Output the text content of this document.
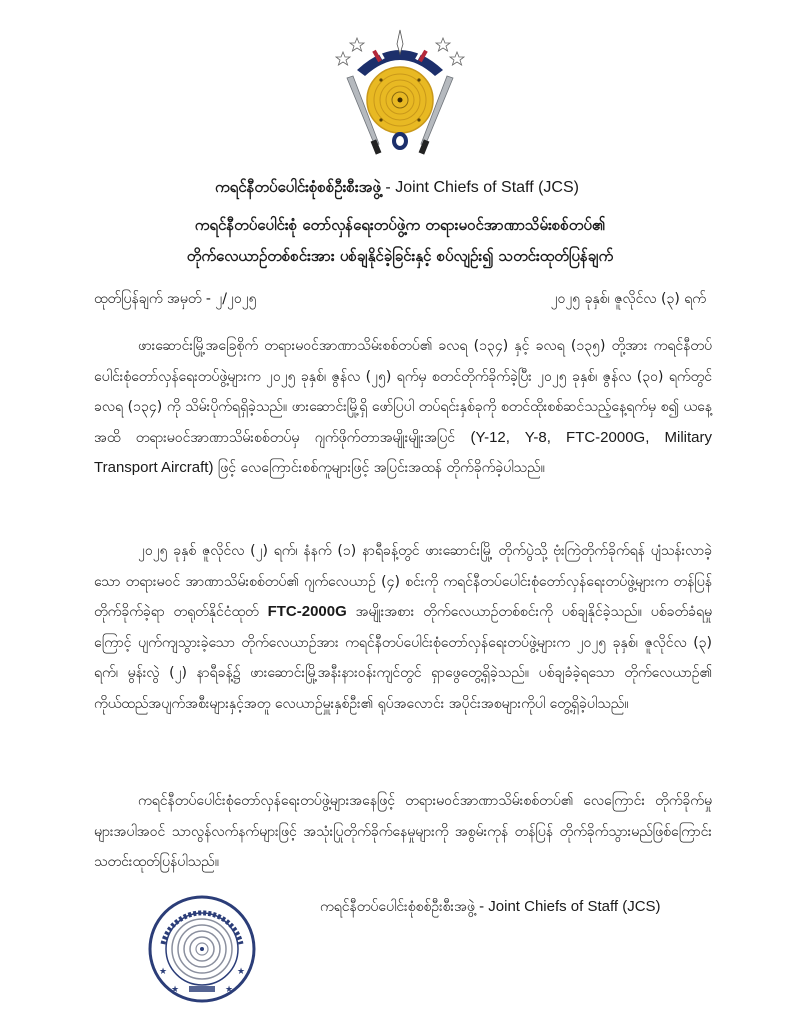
ကရင်နီတပ်ပေါင်းစုံစစ်ဦးစီးအဖွဲ့ - Joint Chiefs of Staff (JCS)
ကရင်နီတပ်ပေါင်းစုံ တော်လှန်ရေးတပ်ဖွဲ့က တရားမဝင်အာဏာသိမ်းစစ်တပ်၏
တိုက်လေယာဉ်တစ်စင်းအား ပစ်ချနိုင်ခဲ့ခြင်းနှင့် စပ်လျဉ်း၍ သတင်းထုတ်ပြန်ချက်
ထုတ်ပြန်ချက် အမှတ် - ၂/၂၀၂၅	၂၀၂၅ ခုနှစ်၊ ဇူလိုင်လ (၃) ရက်
ဖားဆောင်းမြို့အခြေစိုက် တရားမဝင်အာဏာသိမ်းစစ်တပ်၏ ခလရ (၁၃၄) နှင့် ခလရ (၁၃၅) တို့အား ကရင်နီတပ်ပေါင်းစုံတော်လှန်ရေးတပ်ဖွဲ့များက ၂၀၂၅ ခုနှစ်၊ ဇွန်လ (၂၅) ရက်မှ စတင်တိုက်ခိုက်ခဲ့ပြီး ၂၀၂၅ ခုနှစ်၊ ဇွန်လ (၃၀) ရက်တွင် ခလရ (၁၃၄) ကို သိမ်းပိုက်ရရှိခဲ့သည်။ ဖားဆောင်းမြို့ရှိ ဖော်ပြပါ တပ်ရင်းနှစ်ခုကို စတင်ထိုးစစ်ဆင်သည့်နေ့ရက်မှ စ၍ ယနေ့အထိ တရားမဝင်အာဏာသိမ်းစစ်တပ်မှ ဂျက်ဖိုက်တာအမျိုးမျိုးအပြင် (Y-12, Y-8, FTC-2000G, Military Transport Aircraft) ဖြင့် လေကြောင်းစစ်ကူများဖြင့် အပြင်းအထန် တိုက်ခိုက်ခဲ့ပါသည်။
၂၀၂၅ ခုနှစ် ဇူလိုင်လ (၂) ရက်၊ နံနက် (၁) နာရီခန့်တွင် ဖားဆောင်းမြို့ တိုက်ပွဲသို့ ဗုံးကြဲတိုက်ခိုက်ရန် ပျံသန်းလာခဲ့သော တရားမဝင် အာဏာသိမ်းစစ်တပ်၏ ဂျက်လေယာဉ် (၄) စင်းကို ကရင်နီတပ်ပေါင်းစုံတော်လှန်ရေးတပ်ဖွဲ့များက တန်ပြန်တိုက်ခိုက်ခဲ့ရာ တရုတ်နိုင်ငံထုတ် FTC-2000G အမျိုးအစား တိုက်လေယာဉ်တစ်စင်းကို ပစ်ချနိုင်ခဲ့သည်။ ပစ်ခတ်ခံရမှုကြောင့် ပျက်ကျသွားခဲ့သော တိုက်လေယာဉ်အား ကရင်နီတပ်ပေါင်းစုံတော်လှန်ရေးတပ်ဖွဲ့များက ၂၀၂၅ ခုနှစ်၊ ဇူလိုင်လ (၃) ရက်၊ မွန်းလွဲ (၂) နာရီခန့်၌ ဖားဆောင်းမြို့အနီးနားဝန်းကျင်တွင် ရှာဖွေတွေ့ရှိခဲ့သည်။ ပစ်ချခံခဲ့ရသော တိုက်လေယာဉ်၏ ကိုယ်ထည်အပျက်အစီးများနှင့်အတူ လေယာဉ်မှူးနှစ်ဦး၏ ရုပ်အလောင်း အပိုင်းအစများကိုပါ တွေ့ရှိခဲ့ပါသည်။
ကရင်နီတပ်ပေါင်းစုံတော်လှန်ရေးတပ်ဖွဲ့များအနေဖြင့် တရားမဝင်အာဏာသိမ်းစစ်တပ်၏ လေကြောင်း တိုက်ခိုက်မှုများအပါအဝင် သာလွန်လက်နက်များဖြင့် အသုံးပြုတိုက်ခိုက်နေမှုများကို အစွမ်းကုန် တန်ပြန် တိုက်ခိုက်သွားမည်ဖြစ်ကြောင်း သတင်းထုတ်ပြန်ပါသည်။
★	★
★	★
ကရင်နီတပ်ပေါင်းစုံစစ်ဦးစီးအဖွဲ့ - Joint Chiefs of Staff (JCS)
